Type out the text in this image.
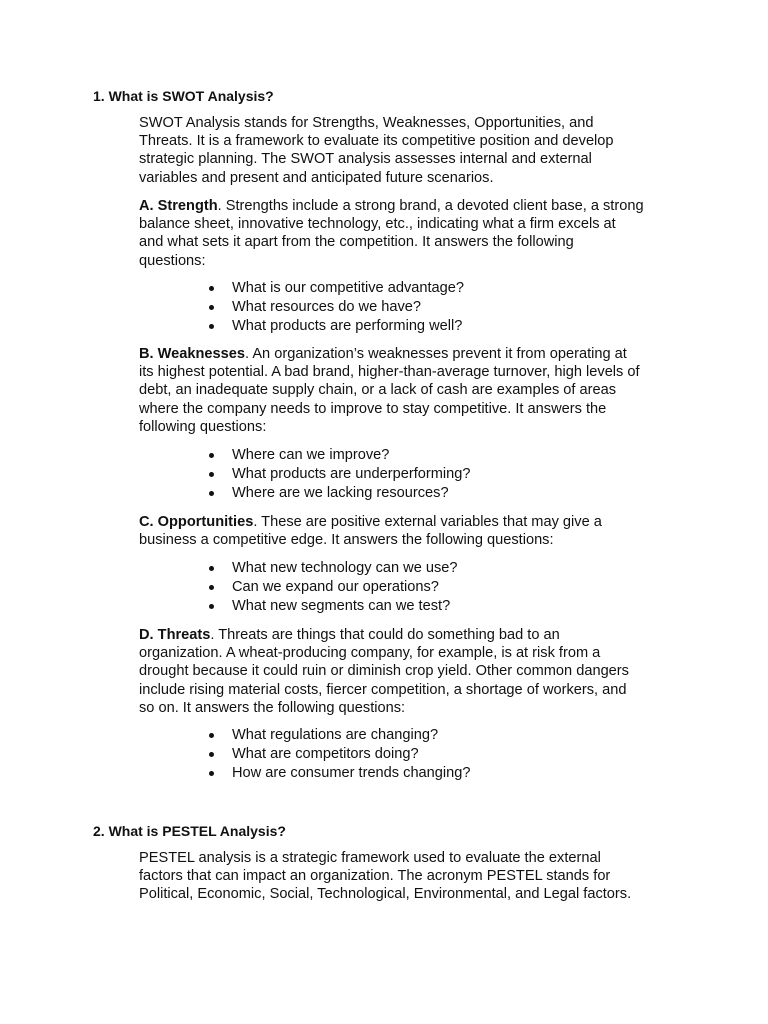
1. What is SWOT Analysis?

SWOT Analysis stands for Strengths, Weaknesses, Opportunities, and
Threats. It is a framework to evaluate its competitive position and develop
strategic planning. The SWOT analysis assesses internal and external
variables and present and anticipated future scenarios.

A. Strength. Strengths include a strong brand, a devoted client base, a strong
balance sheet, innovative technology, etc., indicating what a firm excels at
and what sets it apart from the competition. It answers the following
questions:

What is our competitive advantage?
What resources do we have?
What products are performing well?

B. Weaknesses. An organization’s weaknesses prevent it from operating at
its highest potential. A bad brand, higher-than-average turnover, high levels of
debt, an inadequate supply chain, or a lack of cash are examples of areas
where the company needs to improve to stay competitive. It answers the
following questions:

Where can we improve?
What products are underperforming?
Where are we lacking resources?

C. Opportunities. These are positive external variables that may give a
business a competitive edge. It answers the following questions:

What new technology can we use?
Can we expand our operations?
What new segments can we test?

D. Threats. Threats are things that could do something bad to an
organization. A wheat-producing company, for example, is at risk from a
drought because it could ruin or diminish crop yield. Other common dangers
include rising material costs, fiercer competition, a shortage of workers, and
so on. It answers the following questions:

What regulations are changing?
What are competitors doing?
How are consumer trends changing?
2. What is PESTEL Analysis?

PESTEL analysis is a strategic framework used to evaluate the external
factors that can impact an organization. The acronym PESTEL stands for
Political, Economic, Social, Technological, Environmental, and Legal factors.
